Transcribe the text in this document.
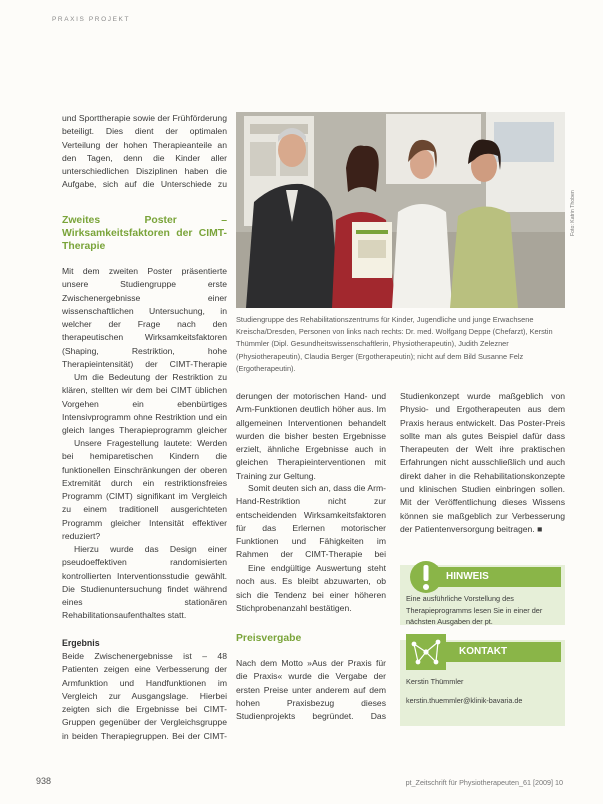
PRAXIS PROJEKT

und Sporttherapie sowie der Frühförderung beteiligt. Dies dient der optimalen Verteilung der hohen Therapieanteile an den Tagen, denn die Kinder aller unterschiedlichen Disziplinen haben die Aufgabe, sich auf die Unterschiede zu

Zweites Poster – Wirksamkeitsfaktoren der CIMT-Therapie

Mit dem zweiten Poster präsentierte unsere Studiengruppe erste Zwischenergebnisse einer wissenschaftlichen Untersuchung, in welcher der Frage nach den therapeutischen Wirksamkeitsfaktoren (Shaping, Restriktion, hohe Therapieintensität) der CIMT-Therapie

Um die Bedeutung der Restriktion zu klären, stellten wir dem bei CIMT üblichen Vorgehen ein ebenbürtiges Intensivprogramm ohne Restriktion und ein gleich langes Therapieprogramm gleicher

Unsere Fragestellung lautete: Werden bei hemiparetischen Kindern die funktionellen Einschränkungen der oberen Extremität durch ein restriktionsfreies Programm (CIMT) signifikant im Vergleich zu einem traditionell ausgerichteten Programm gleicher Intensität effektiver reduziert?

Hierzu wurde das Design einer pseudoeffektiven randomisierten kontrollierten Interventionsstudie gewählt. Die Studienuntersuchung findet während eines stationären Rehabilitationsaufenthaltes statt.

Ergebnis

Beide Zwischenergebnisse ist – 48 Patienten zeigen eine Verbesserung der Armfunktion und Handfunktionen im Vergleich zur Ausgangslage. Hierbei zeigten sich die Ergebnisse bei CIMT-Gruppen gegenüber der Vergleichsgruppe in beiden Therapiegruppen. Bei der CIMT-

Foto: Katrin Thoben
Studiengruppe des Rehabilitationszentrums für Kinder, Jugendliche und junge Erwachsene Kreischa/Dresden, Personen von links nach rechts: Dr. med. Wolfgang Deppe (Chefarzt), Kerstin Thümmler (Dipl. Gesundheitswissenschaftlerin, Physiotherapeutin), Judith Zelezner (Physiotherapeutin), Claudia Berger (Ergotherapeutin); nicht auf dem Bild Susanne Felz (Ergotherapeutin).

derungen der motorischen Hand- und Arm-Funktionen deutlich höher aus. Im allgemeinen Interventionen behandelt wurden die bisher besten Ergebnisse erzielt, ähnliche Ergebnisse auch in gleichen Therapieinterventionen mit Training zur Geltung.

Somit deuten sich an, dass die Arm-Hand-Restriktion nicht zur entscheidenden Wirksamkeitsfaktoren für das Erlernen motorischer Funktionen und Fähigkeiten im Rahmen der CIMT-Therapie bei

Eine endgültige Auswertung steht noch aus. Es bleibt abzuwarten, ob sich die Tendenz bei einer höheren Stichprobenanzahl bestätigen.

Preisvergabe

Nach dem Motto »Aus der Praxis für die Praxis« wurde die Vergabe der ersten Preise unter anderem auf dem hohen Praxisbezug dieses Studienprojekts begründet. Das

Studienkonzept wurde maßgeblich von Physio- und Ergotherapeuten aus dem Praxis heraus entwickelt. Das Poster-Preis sollte man als gutes Beispiel dafür dass Therapeuten der Welt ihre praktischen Erfahrungen nicht ausschließlich und auch direkt daher in die Rehabilitationskonzepte und klinischen Studien einbringen sollen. Mit der Veröffentlichung dieses Wissens können sie maßgeblich zur Verbesserung der Patientenversorgung beitragen. ■

HINWEIS
Eine ausführliche Vorstellung des Therapieprogramms lesen Sie in einer der nächsten Ausgaben der pt.
KONTAKT
Kerstin Thümmler
kerstin.thuemmler@klinik-bavaria.de
938	pt_Zeitschrift für Physiotherapeuten_61 [2009] 10
